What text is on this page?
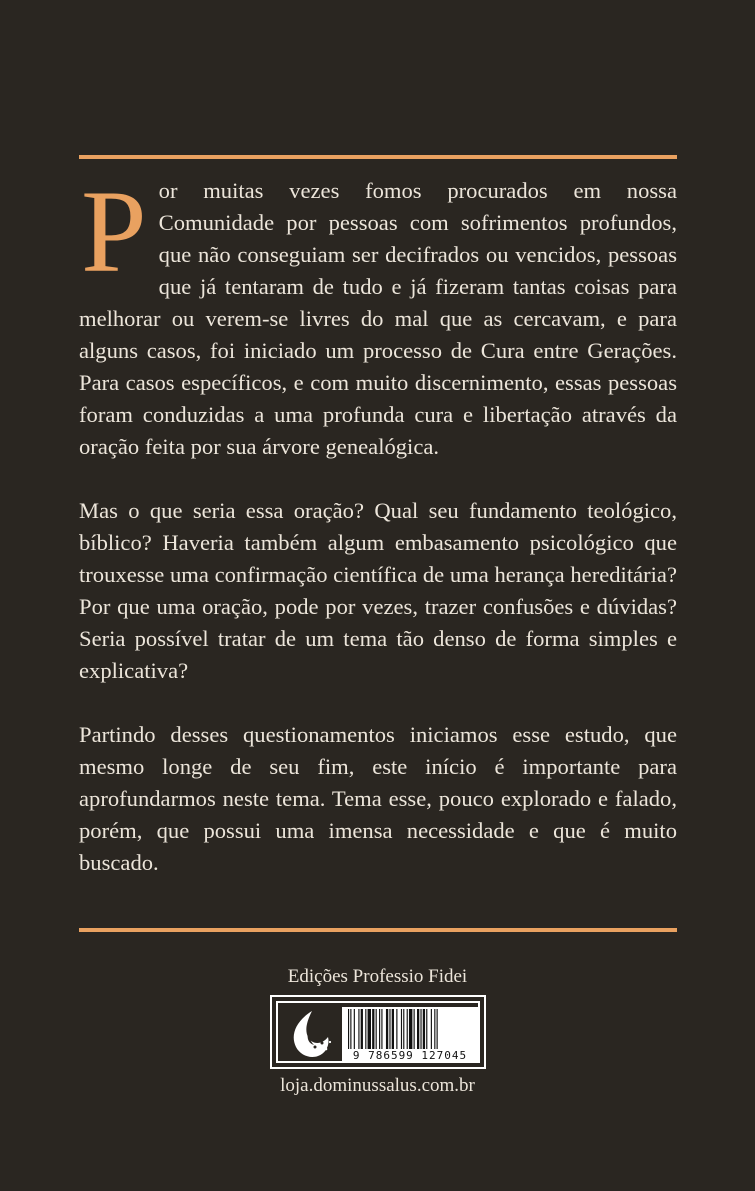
Por muitas vezes fomos procurados em nossa Comunidade por pessoas com sofrimentos profundos, que não conseguiam ser decifrados ou vencidos, pessoas que já tentaram de tudo e já fizeram tantas coisas para melhorar ou verem-se livres do mal que as cercavam, e para alguns casos, foi iniciado um processo de Cura entre Gerações. Para casos específicos, e com muito discernimento, essas pessoas foram conduzidas a uma profunda cura e libertação através da oração feita por sua árvore genealógica.

Mas o que seria essa oração? Qual seu fundamento teológico, bíblico? Haveria também algum embasamento psicológico que trouxesse uma confirmação científica de uma herança hereditária? Por que uma oração, pode por vezes, trazer confusões e dúvidas? Seria possível tratar de um tema tão denso de forma simples e explicativa?

Partindo desses questionamentos iniciamos esse estudo, que mesmo longe de seu fim, este início é importante para aprofundarmos neste tema. Tema esse, pouco explorado e falado, porém, que possui uma imensa necessidade e que é muito buscado.

Edições Professio Fidei
9 786599 127045
loja.dominussalus.com.br
